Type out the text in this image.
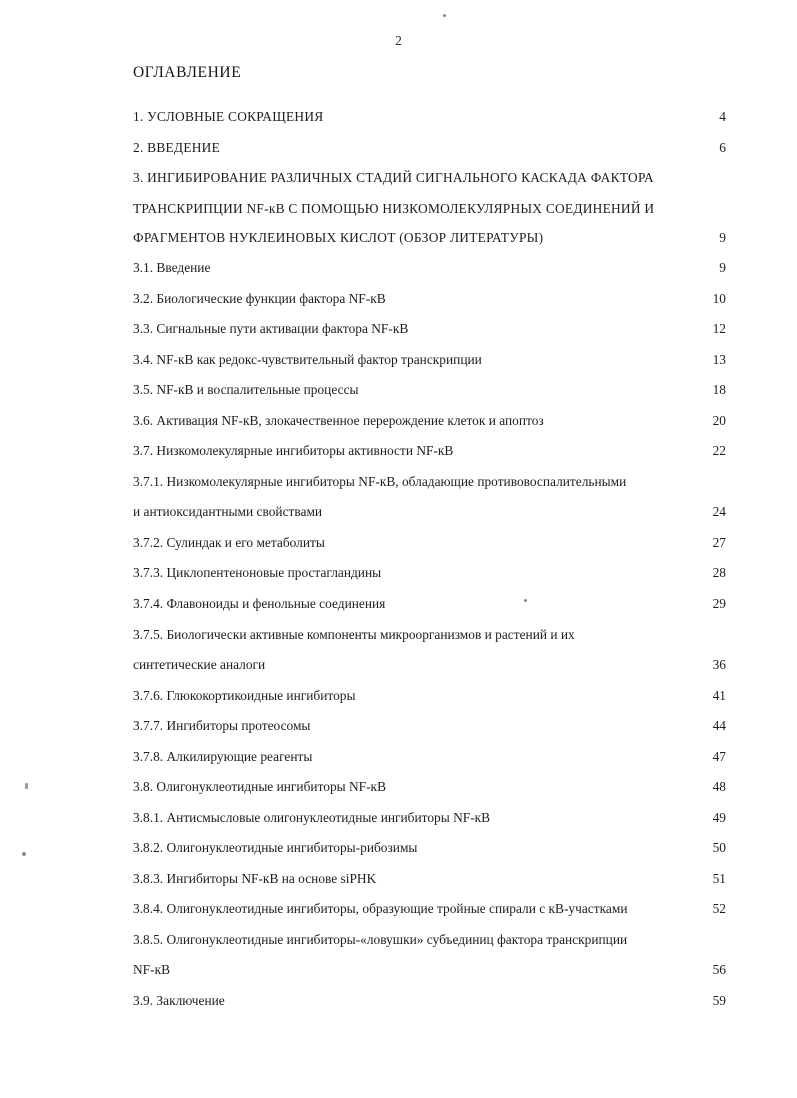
2
ОГЛАВЛЕНИЕ
1. УСЛОВНЫЕ СОКРАЩЕНИЯ	4
2. ВВЕДЕНИЕ	6
3. ИНГИБИРОВАНИЕ РАЗЛИЧНЫХ СТАДИЙ СИГНАЛЬНОГО КАСКАДА ФАКТОРА
ТРАНСКРИПЦИИ NF-кВ С ПОМОЩЬЮ НИЗКОМОЛЕКУЛЯРНЫХ СОЕДИНЕНИЙ И
ФРАГМЕНТОВ НУКЛЕИНОВЫХ КИСЛОТ (ОБЗОР ЛИТЕРАТУРЫ)	9
3.1. Введение	9
3.2. Биологические функции фактора NF-кВ	10
3.3. Сигнальные пути активации фактора NF-кВ	12
3.4. NF-кВ как редокс-чувствительный фактор транскрипции	13
3.5. NF-кВ и воспалительные процессы	18
3.6. Активация NF-кВ, злокачественное перерождение клеток и апоптоз	20
3.7. Низкомолекулярные ингибиторы активности NF-кВ	22
3.7.1. Низкомолекулярные ингибиторы NF-кВ, обладающие противовоспалительными
и антиоксидантными свойствами	24
3.7.2. Сулиндак и его метаболиты	27
3.7.3. Циклопентеноновые простагландины	28
3.7.4. Флавоноиды и фенольные соединения	29
3.7.5. Биологически активные компоненты микроорганизмов и растений и их
синтетические аналоги	36
3.7.6. Глюкокортикоидные ингибиторы	41
3.7.7. Ингибиторы протеосомы	44
3.7.8. Алкилирующие реагенты	47
3.8. Олигонуклеотидные ингибиторы NF-кВ	48
3.8.1. Антисмысловые олигонуклеотидные ингибиторы NF-кВ	49
3.8.2. Олигонуклеотидные ингибиторы-рибозимы	50
3.8.3. Ингибиторы NF-кВ на основе siPHK	51
3.8.4. Олигонуклеотидные ингибиторы, образующие тройные спирали с кВ-участками	52
3.8.5. Олигонуклеотидные ингибиторы-«ловушки» субъединиц фактора транскрипции
NF-кВ	56
3.9. Заключение	59
